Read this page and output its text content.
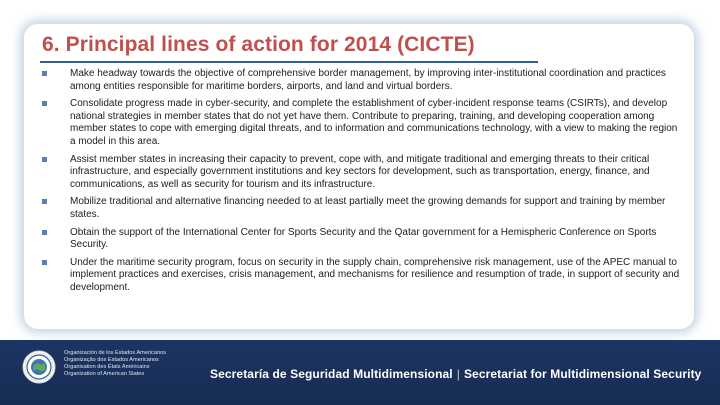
6. Principal lines of action for 2014 (CICTE)
Make headway towards the objective of comprehensive border management, by improving inter-institutional coordination and practices among entities responsible for maritime borders, airports, and land and virtual borders.
Consolidate progress made in cyber-security, and complete the establishment of cyber-incident response teams (CSIRTs), and develop national strategies in member states that do not yet have them. Contribute to preparing, training, and developing cooperation among member states to cope with emerging digital threats, and to information and communications technology, with a view to making the region a model in this area.
Assist member states in increasing their capacity to prevent, cope with, and mitigate traditional and emerging threats to their critical infrastructure, and especially government institutions and key sectors for development, such as transportation, energy, finance, and communications, as well as security for tourism and its infrastructure.
Mobilize traditional and alternative financing needed to at least partially meet the growing demands for support and training by member states.
Obtain the support of the International Center for Sports Security and the Qatar government for a Hemispheric Conference on Sports Security.
Under the maritime security program, focus on security in the supply chain, comprehensive risk management, use of the APEC manual to implement practices and exercises, crisis management, and mechanisms for resilience and resumption of trade, in support of security and development.
Organización de los Estados Americanos
Organização dos Estados Americanos
Organisation des États Américains
Organization of American States	Secretaría de Seguridad Multidimensional | Secretariat for Multidimensional Security
